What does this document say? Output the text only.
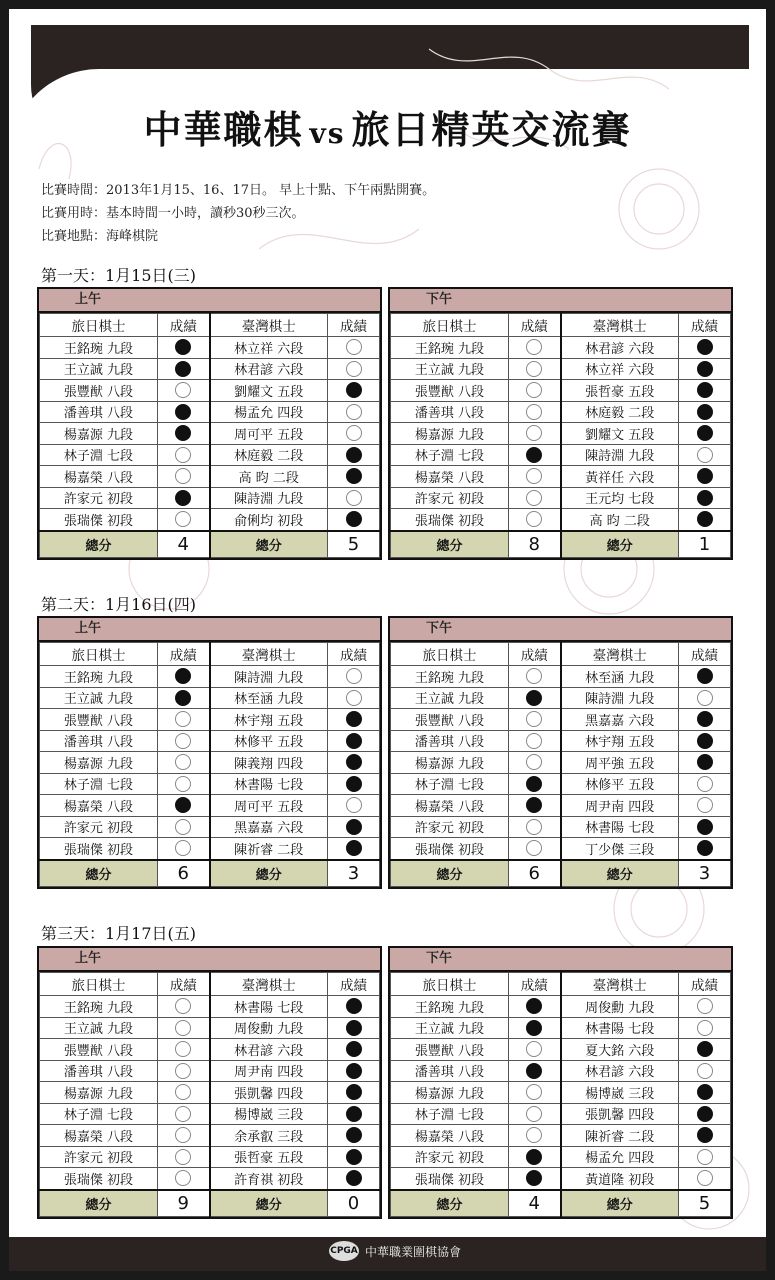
中華職棋 vs 旅日精英交流賽
比賽時間：2013年1月15、16、17日。 早上十點、下午兩點開賽。
比賽用時：基本時間一小時，讀秒30秒三次。
比賽地點：海峰棋院
第一天：1月15日(三)
上午
旅日棋士	成績	臺灣棋士	成績
王銘琬 九段		林立祥 六段	
王立誠 九段		林君諺 六段	
張豐猷 八段		劉耀文 五段	
潘善琪 八段		楊孟允 四段	
楊嘉源 九段		周可平 五段	
林子淵 七段		林庭毅 二段	
楊嘉榮 八段		高 昀 二段	
許家元 初段		陳詩淵 九段	
張瑞傑 初段		俞俐均 初段	
總分	4	總分	5
下午
旅日棋士	成績	臺灣棋士	成績
王銘琬 九段		林君諺 六段	
王立誠 九段		林立祥 六段	
張豐猷 八段		張哲豪 五段	
潘善琪 八段		林庭毅 二段	
楊嘉源 九段		劉耀文 五段	
林子淵 七段		陳詩淵 九段	
楊嘉榮 八段		黃祥任 六段	
許家元 初段		王元均 七段	
張瑞傑 初段		高 昀 二段	
總分	8	總分	1
第二天：1月16日(四)
上午
旅日棋士	成績	臺灣棋士	成績
王銘琬 九段		陳詩淵 九段	
王立誠 九段		林至涵 九段	
張豐猷 八段		林宇翔 五段	
潘善琪 八段		林修平 五段	
楊嘉源 九段		陳義翔 四段	
林子淵 七段		林書陽 七段	
楊嘉榮 八段		周可平 五段	
許家元 初段		黑嘉嘉 六段	
張瑞傑 初段		陳祈睿 二段	
總分	6	總分	3
下午
旅日棋士	成績	臺灣棋士	成績
王銘琬 九段		林至涵 九段	
王立誠 九段		陳詩淵 九段	
張豐猷 八段		黑嘉嘉 六段	
潘善琪 八段		林宇翔 五段	
楊嘉源 九段		周平強 五段	
林子淵 七段		林修平 五段	
楊嘉榮 八段		周尹南 四段	
許家元 初段		林書陽 七段	
張瑞傑 初段		丁少傑 三段	
總分	6	總分	3
第三天：1月17日(五)
上午
旅日棋士	成績	臺灣棋士	成績
王銘琬 九段		林書陽 七段	
王立誠 九段		周俊勳 九段	
張豐猷 八段		林君諺 六段	
潘善琪 八段		周尹南 四段	
楊嘉源 九段		張凱馨 四段	
林子淵 七段		楊博崴 三段	
楊嘉榮 八段		余承叡 三段	
許家元 初段		張哲豪 五段	
張瑞傑 初段		許育祺 初段	
總分	9	總分	0
下午
旅日棋士	成績	臺灣棋士	成績
王銘琬 九段		周俊勳 九段	
王立誠 九段		林書陽 七段	
張豐猷 八段		夏大銘 六段	
潘善琪 八段		林君諺 六段	
楊嘉源 九段		楊博崴 三段	
林子淵 七段		張凱馨 四段	
楊嘉榮 八段		陳祈睿 二段	
許家元 初段		楊孟允 四段	
張瑞傑 初段		黃道隆 初段	
總分	4	總分	5
CPGA 中華職業圍棋協會
